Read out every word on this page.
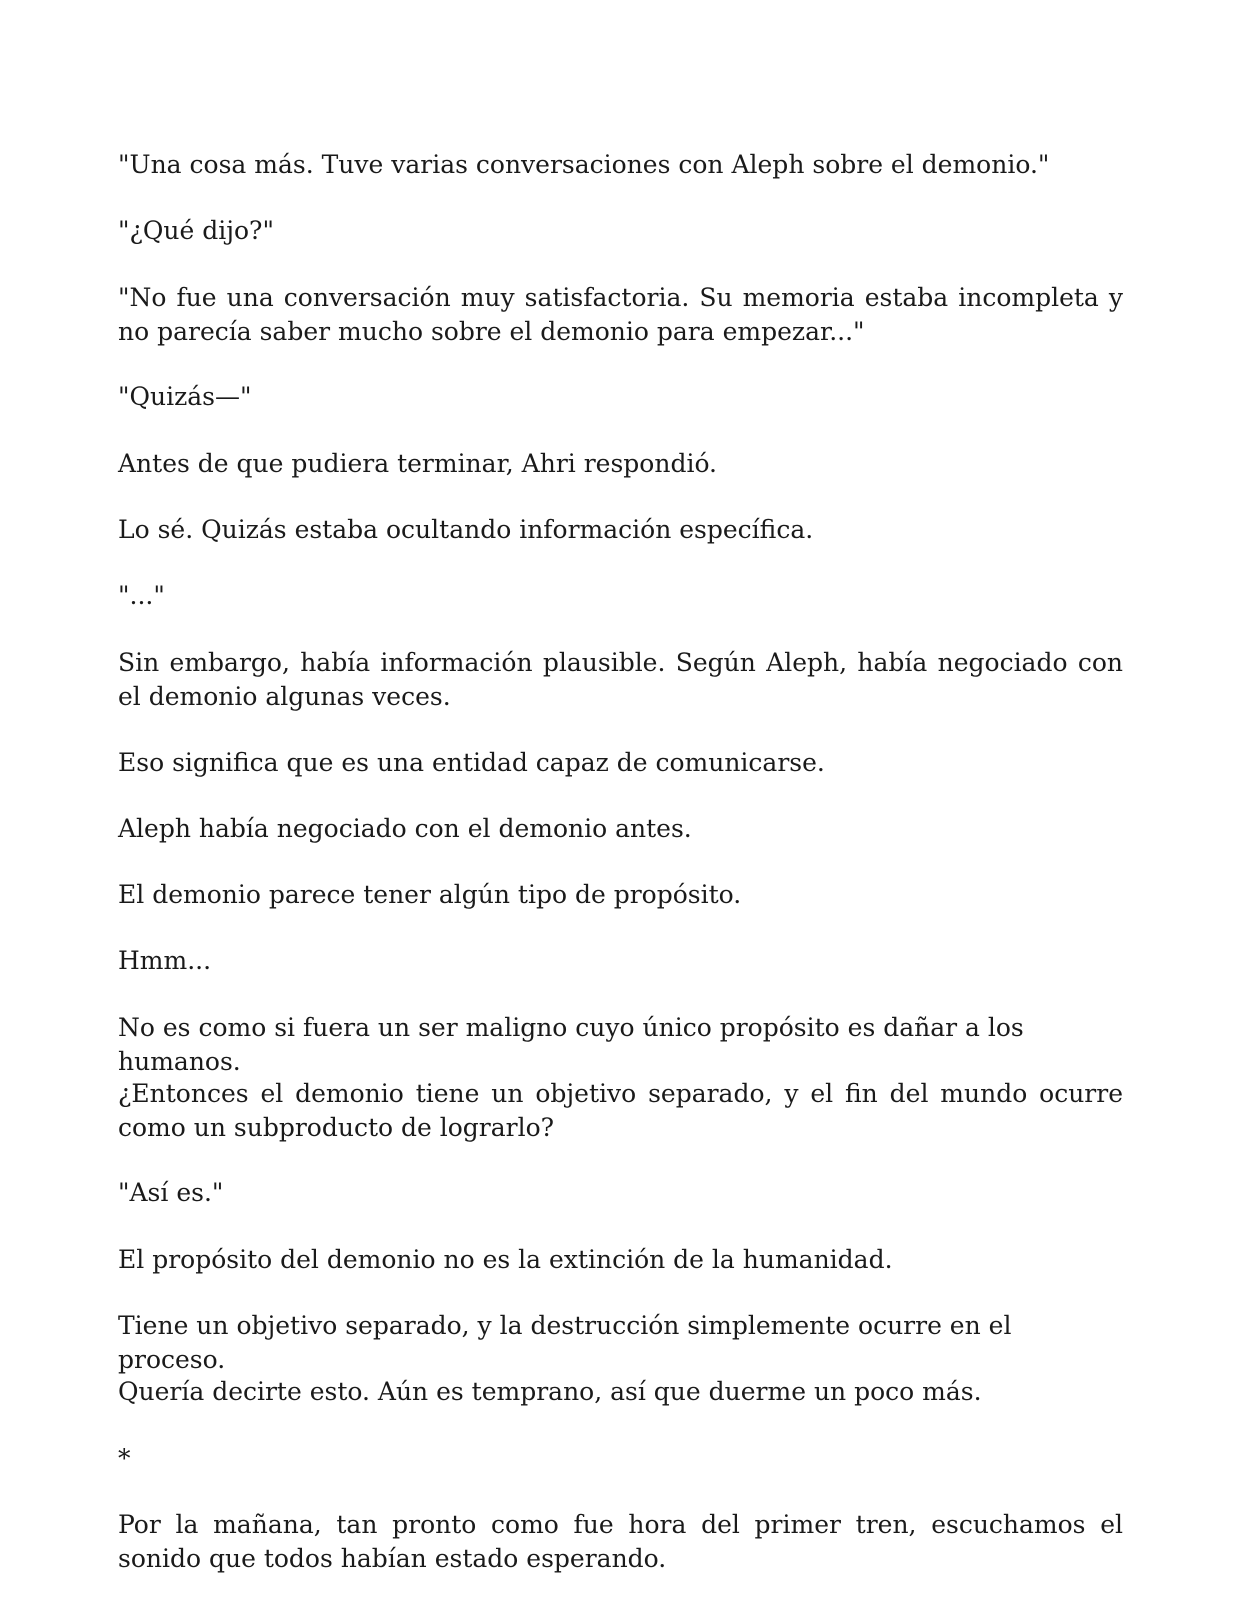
"Una cosa más. Tuve varias conversaciones con Aleph sobre el demonio."

"¿Qué dijo?"

"No fue una conversación muy satisfactoria. Su memoria estaba incompleta y no parecía saber mucho sobre el demonio para empezar..."

"Quizás—"

Antes de que pudiera terminar, Ahri respondió.

Lo sé. Quizás estaba ocultando información específica.

"..."

Sin embargo, había información plausible. Según Aleph, había negociado con el demonio algunas veces.

Eso significa que es una entidad capaz de comunicarse.

Aleph había negociado con el demonio antes.

El demonio parece tener algún tipo de propósito.

Hmm...

No es como si fuera un ser maligno cuyo único propósito es dañar a los humanos.

¿Entonces el demonio tiene un objetivo separado, y el fin del mundo ocurre como un subproducto de lograrlo?

"Así es."

El propósito del demonio no es la extinción de la humanidad.

Tiene un objetivo separado, y la destrucción simplemente ocurre en el proceso.

Quería decirte esto. Aún es temprano, así que duerme un poco más.

*

Por la mañana, tan pronto como fue hora del primer tren, escuchamos el sonido que todos habían estado esperando.
